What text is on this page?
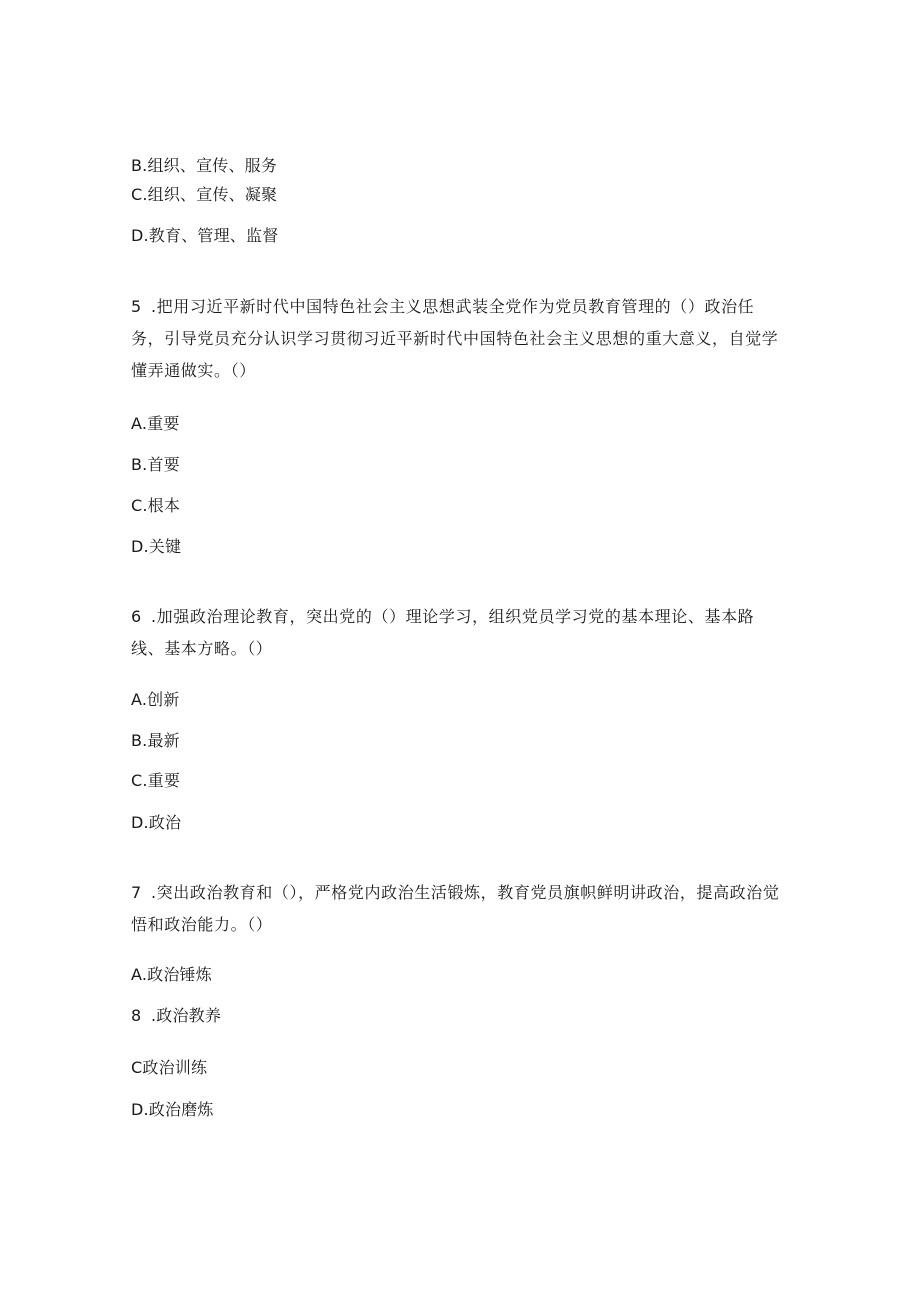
B.组织、宣传、服务
C.组织、宣传、凝聚
D.教育、管理、监督
5 .把用习近平新时代中国特色社会主义思想武装全党作为党员教育管理的（）政治任务，引导党员充分认识学习贯彻习近平新时代中国特色社会主义思想的重大意义，自觉学懂弄通做实。（）
A.重要
B.首要
C.根本
D.关键
6 .加强政治理论教育，突出党的（）理论学习，组织党员学习党的基本理论、基本路线、基本方略。（）
A.创新
B.最新
C.重要
D.政治
7 .突出政治教育和（），严格党内政治生活锻炼，教育党员旗帜鲜明讲政治，提高政治觉悟和政治能力。（）
A.政治锤炼
8 .政治教养
C政治训练
D.政治磨炼
